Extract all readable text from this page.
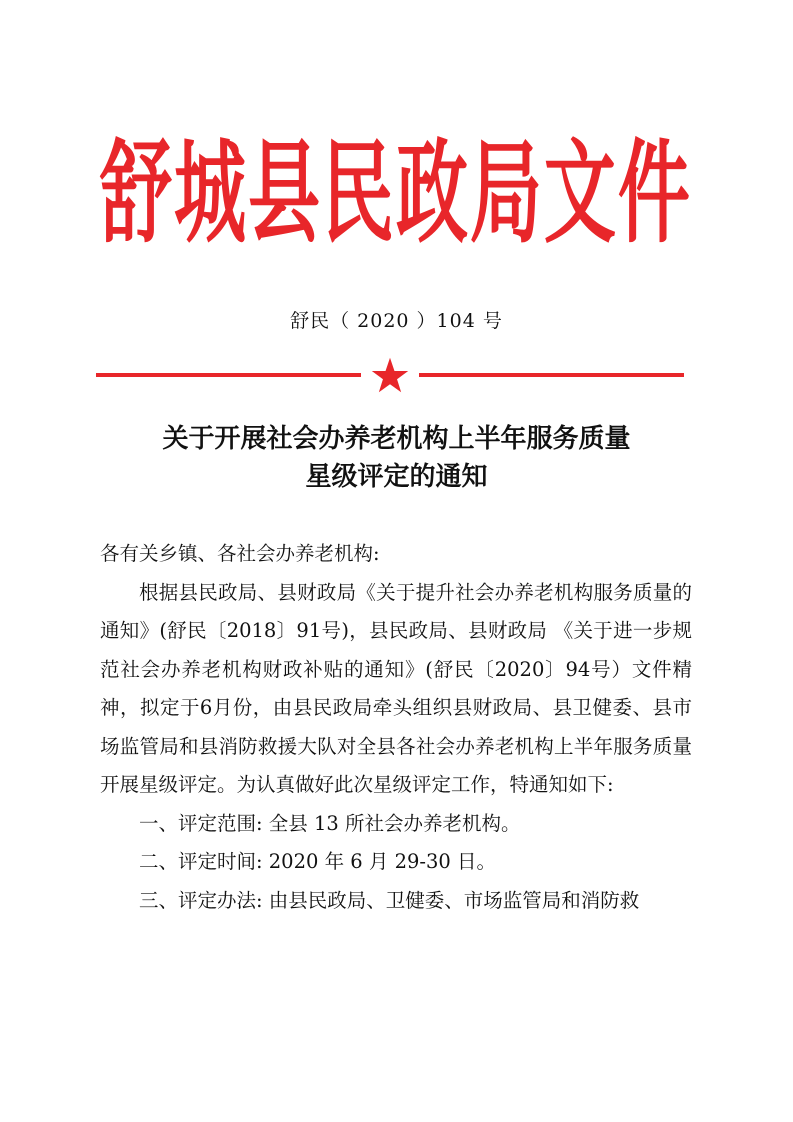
舒 城 县 民 政 局 文 件
舒民（ 2020 ）104 号
关于开展社会办养老机构上半年服务质量
星级评定的通知

各有关乡镇、各社会办养老机构:

根据县民政局、县财政局《关于提升社会办养老机构服务质量的通知》(舒民〔2018〕91号)，县民政局、县财政局 《关于进一步规范社会办养老机构财政补贴的通知》(舒民〔2020〕94号）文件精神，拟定于6月份，由县民政局牵头组织县财政局、县卫健委、县市场监管局和县消防救援大队对全县各社会办养老机构上半年服务质量开展星级评定。为认真做好此次星级评定工作，特通知如下:

一、评定范围: 全县 13 所社会办养老机构。

二、评定时间: 2020 年 6 月 29-30 日。

三、评定办法: 由县民政局、卫健委、市场监管局和消防救
